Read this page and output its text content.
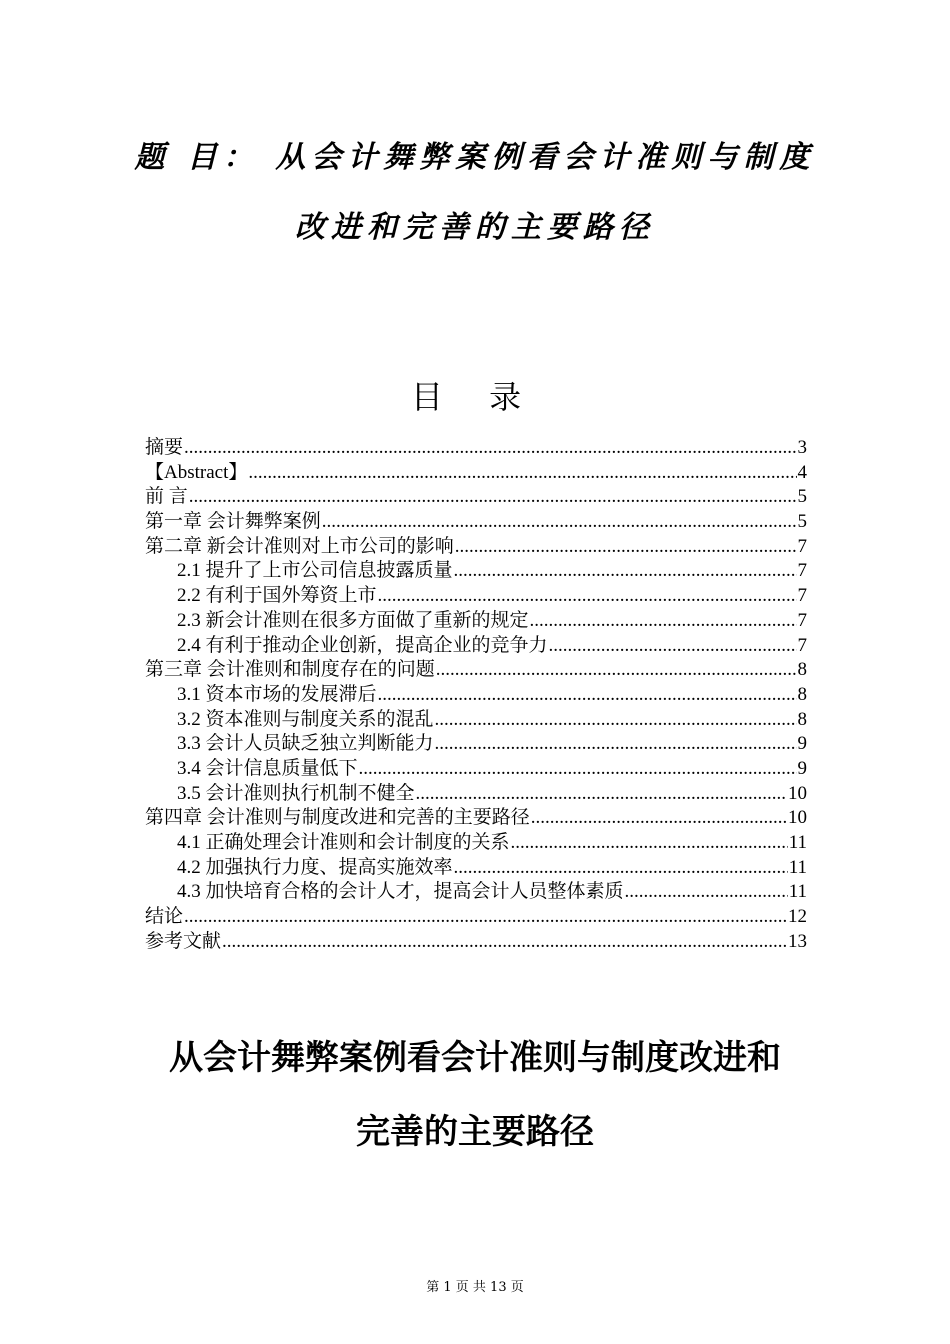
题 目： 从会计舞弊案例看会计准则与制度
改进和完善的主要路径
目 录
摘要 .....	3
【Abstract】 .....	4
前 言 .....	5
第一章 会计舞弊案例 .....	5
第二章 新会计准则对上市公司的影响 .....	7
2.1 提升了上市公司信息披露质量 .....	7
2.2 有利于国外筹资上市 .....	7
2.3 新会计准则在很多方面做了重新的规定 .....	7
2.4 有利于推动企业创新，提高企业的竞争力 .....	7
第三章 会计准则和制度存在的问题 .....	8
3.1 资本市场的发展滞后 .....	8
3.2 资本准则与制度关系的混乱 .....	8
3.3 会计人员缺乏独立判断能力 .....	9
3.4 会计信息质量低下 .....	9
3.5 会计准则执行机制不健全 .....	10
第四章 会计准则与制度改进和完善的主要路径 .....	10
4.1 正确处理会计准则和会计制度的关系 .....	11
4.2 加强执行力度、提高实施效率 .....	11
4.3 加快培育合格的会计人才，提高会计人员整体素质 .....	11
结论 .....	12
参考文献 .....	13
从会计舞弊案例看会计准则与制度改进和
完善的主要路径
第 1 页 共 13 页
